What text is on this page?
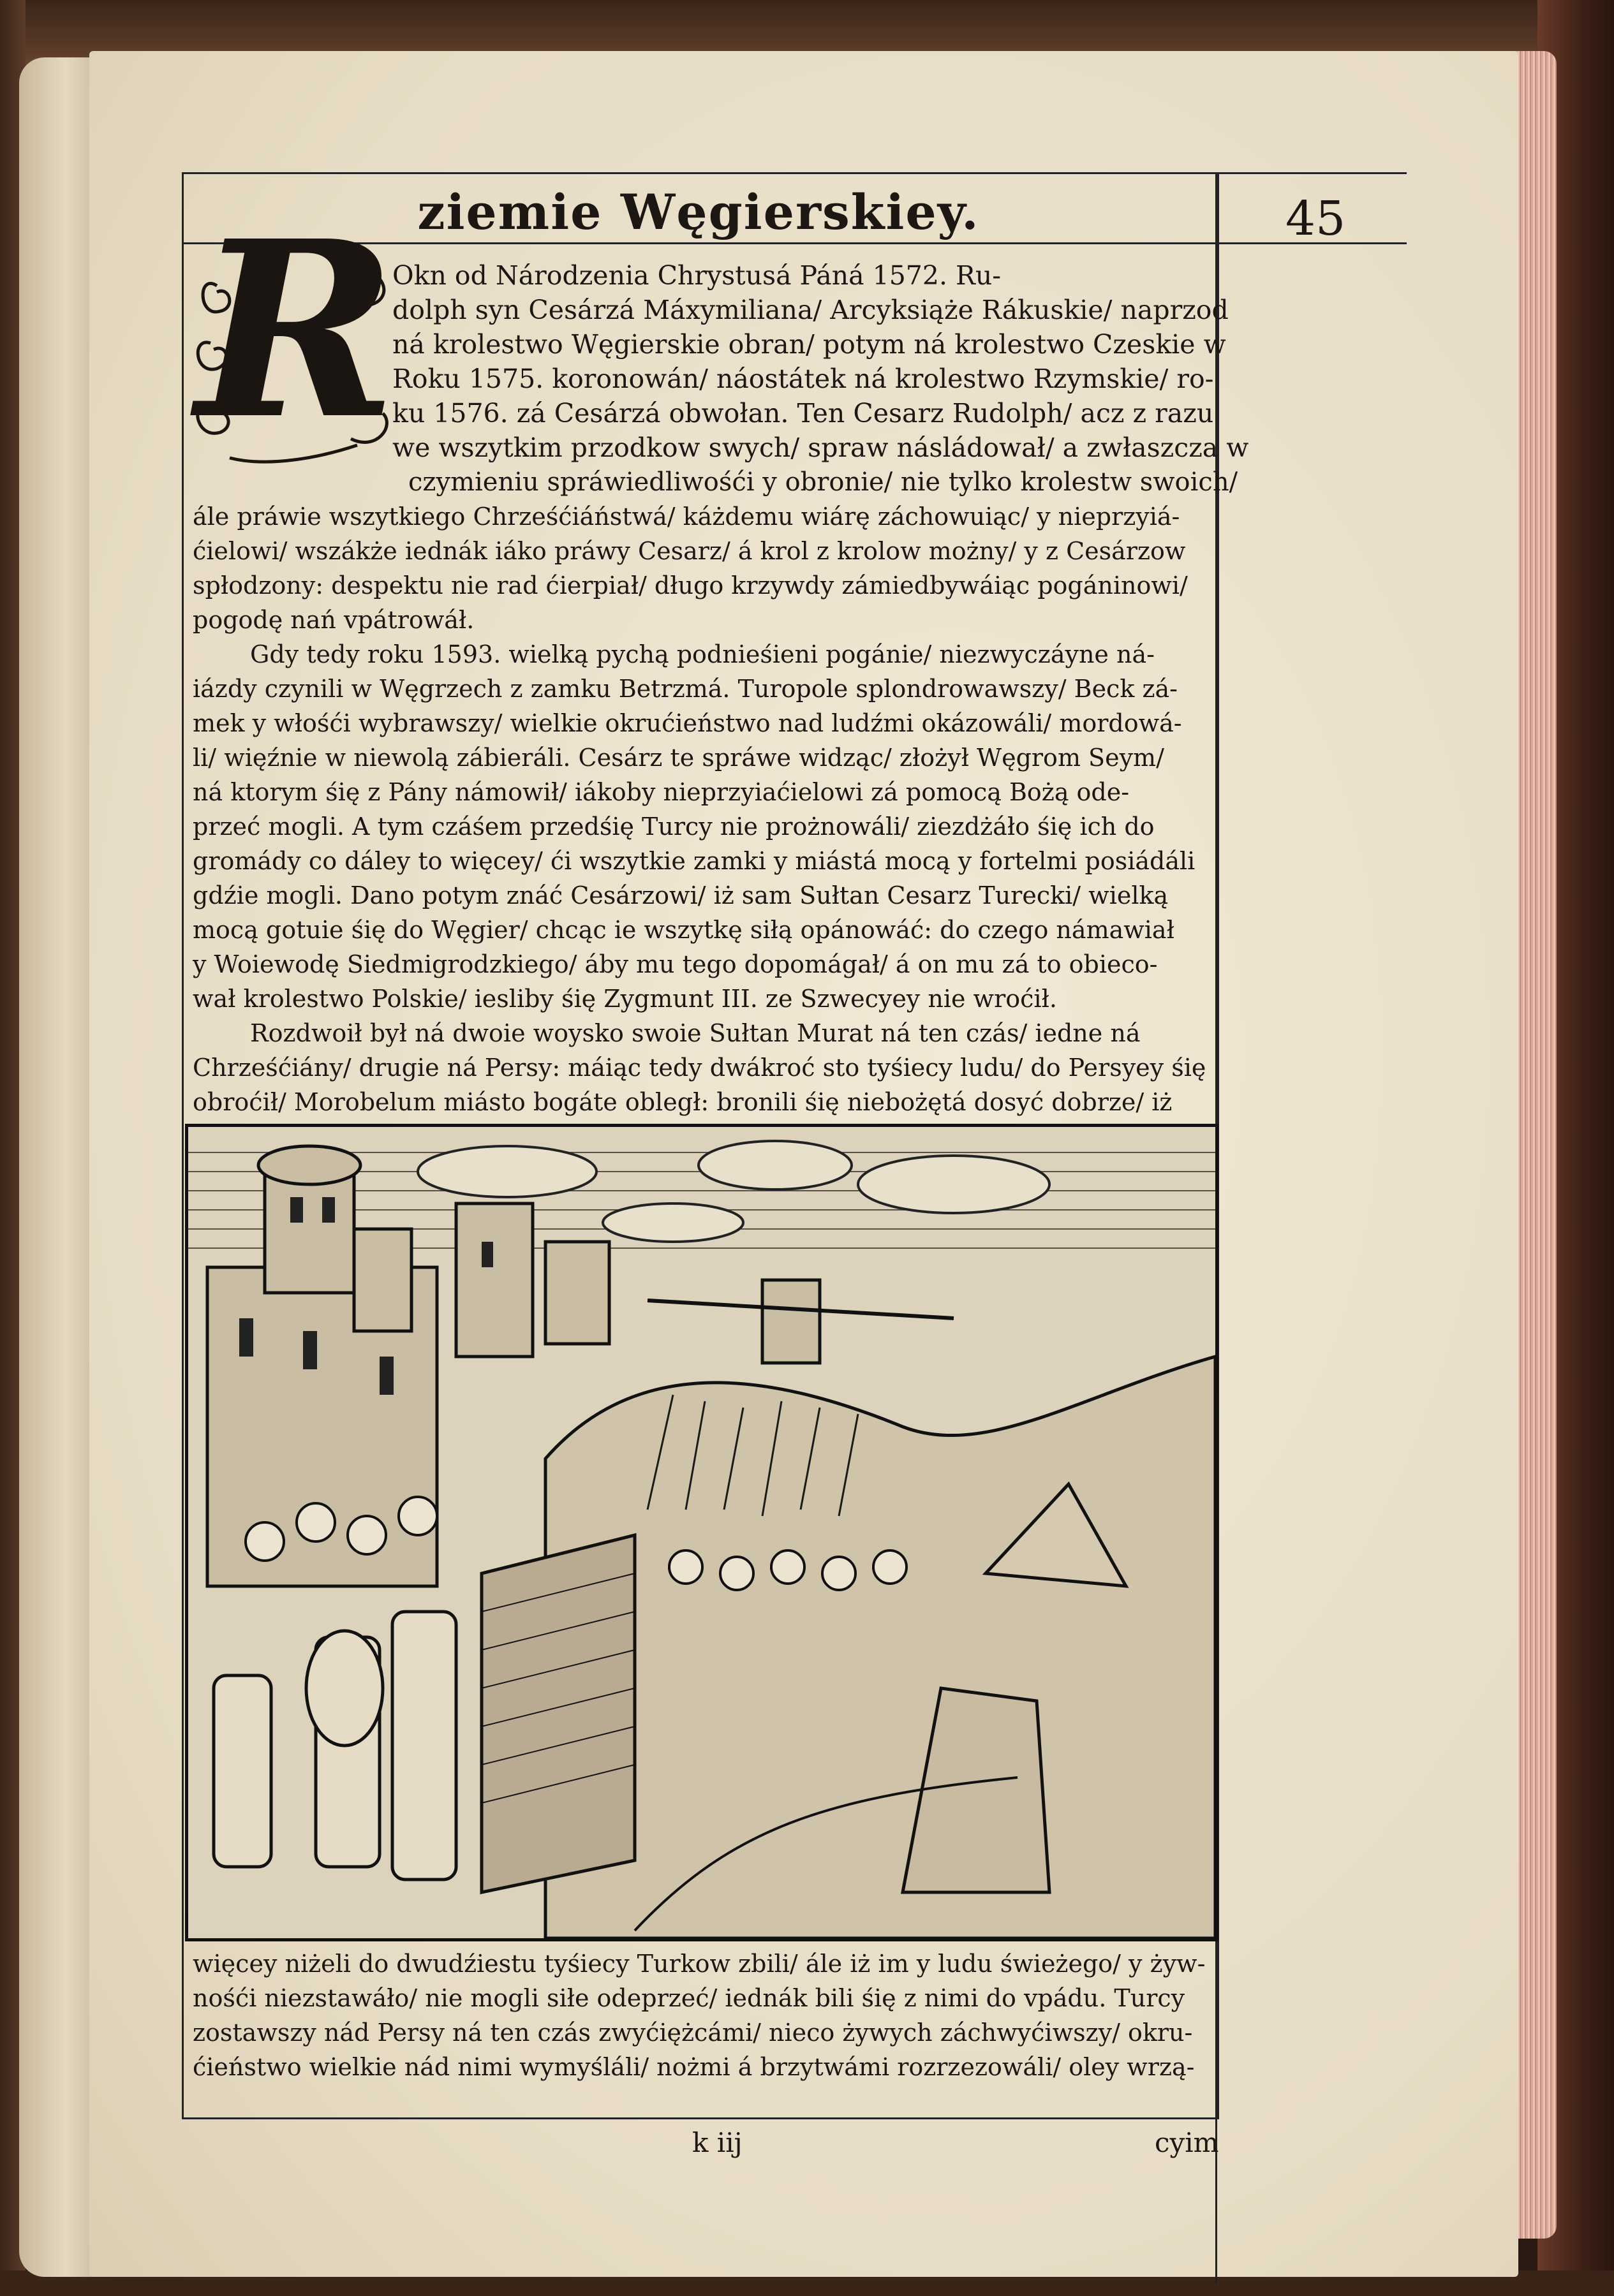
ziemie Węgierskiey.	45
R
Okn od Národzenia Chrystusá Páná 1572. Ru-
dolph syn Cesárzá Máxymiliana/ Arcyksiąże Rákuskie/ naprzod
ná krolestwo Węgierskie obran/ potym ná krolestwo Czeskie w
Roku 1575. koronowán/ náostátek ná krolestwo Rzymskie/ ro-
ku 1576. zá Cesárzá obwołan. Ten Cesarz Rudolph/ acz z razu
we wszytkim przodkow swych/ spraw násládował/ a zwłaszcza w
czymieniu spráwiedliwośći y obronie/ nie tylko krolestw swoich/
ále práwie wszytkiego Chrześćiáństwá/ káżdemu wiárę záchowuiąc/ y nieprzyiá-
ćielowi/ wszákże iednák iáko práwy Cesarz/ á krol z krolow możny/ y z Cesárzow
spłodzony: despektu nie rad ćierpiał/ długo krzywdy zámiedbywáiąc pogáninowi/
pogodę nań vpátrowáł.
Gdy tedy roku 1593. wielką pychą podnieśieni pogánie/ niezwyczáyne ná-
iázdy czynili w Węgrzech z zamku Betrzmá. Turopole splondrowawszy/ Beck zá-
mek y włośći wybrawszy/ wielkie okrućieństwo nad ludźmi okázowáli/ mordowá-
li/ więźnie w niewolą zábieráli. Cesárz te spráwe widząc/ złożył Węgrom Seym/
ná ktorym śię z Pány námowił/ iákoby nieprzyiaćielowi zá pomocą Bożą ode-
przeć mogli. A tym czáśem przedśię Turcy nie prożnowáli/ ziezdżáło śię ich do
gromády co dáley to więcey/ ći wszytkie zamki y miástá mocą y fortelmi posiádáli
gdźie mogli. Dano potym znáć Cesárzowi/ iż sam Sułtan Cesarz Turecki/ wielką
mocą gotuie śię do Węgier/ chcąc ie wszytkę siłą opánowáć: do czego námawiał
y Woiewodę Siedmigrodzkiego/ áby mu tego dopomágał/ á on mu zá to obieco-
wał krolestwo Polskie/ iesliby śię Zygmunt III. ze Szwecyey nie wroćił.
Rozdwoił był ná dwoie woysko swoie Sułtan Murat ná ten czás/ iedne ná
Chrześćiány/ drugie ná Persy: máiąc tedy dwákroć sto tyśiecy ludu/ do Persyey śię
obroćił/ Morobelum miásto bogáte obległ: bronili śię niebożętá dosyć dobrze/ iż
więcey niżeli do dwudźiestu tyśiecy Turkow zbili/ ále iż im y ludu świeżego/ y żyw-
nośći niezstawáło/ nie mogli siłe odeprzeć/ iednák bili śię z nimi do vpádu. Turcy
zostawszy nád Persy ná ten czás zwyćiężcámi/ nieco żywych záchwyćiwszy/ okru-
ćieństwo wielkie nád nimi wymyśláli/ nożmi á brzytwámi rozrzezowáli/ oley wrzą-
k iij	cyim
